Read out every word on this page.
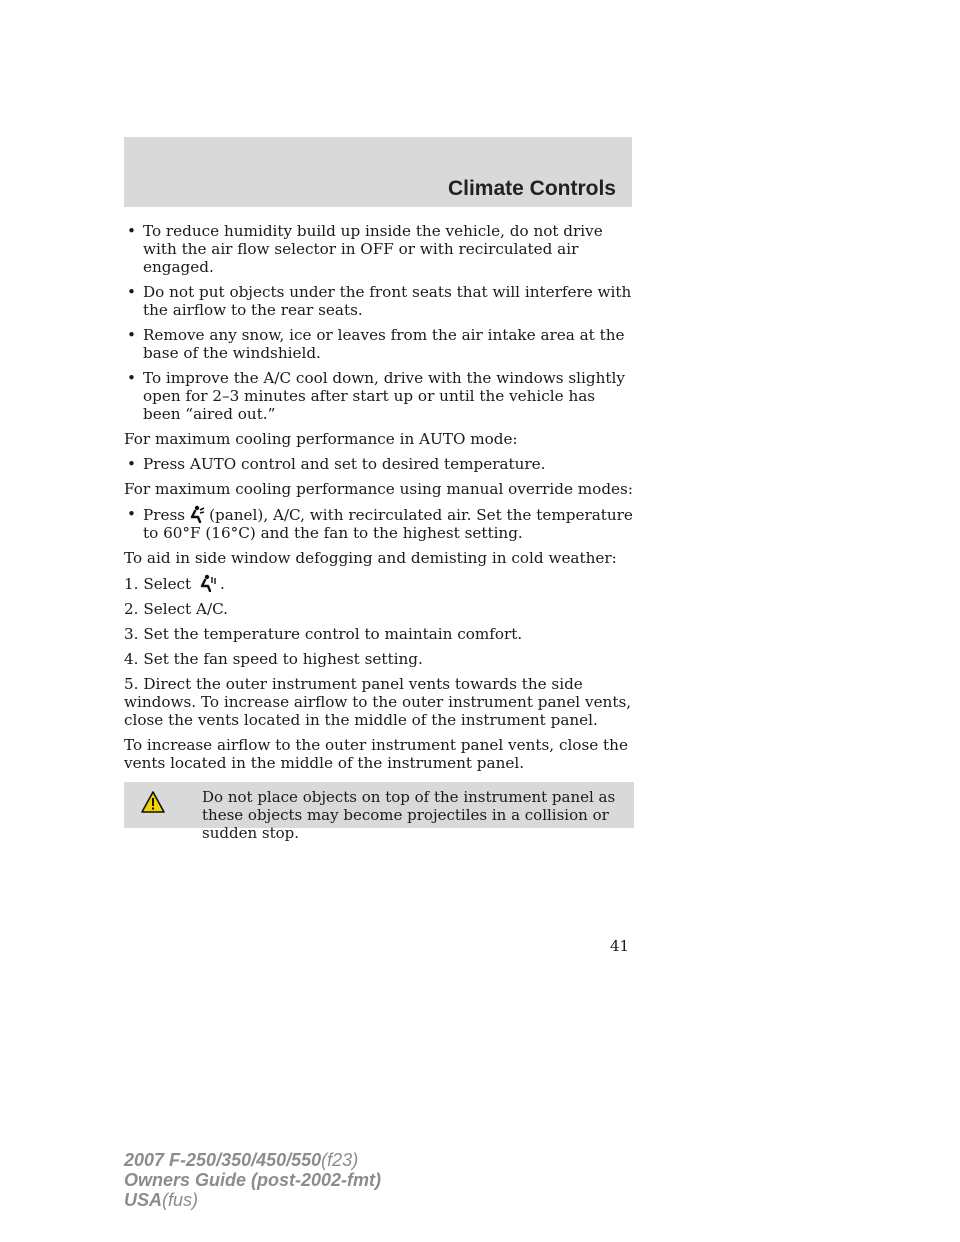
Climate Controls
• To reduce humidity build up inside the vehicle, do not drive with the air flow selector in OFF or with recirculated air engaged.
• Do not put objects under the front seats that will interfere with the airflow to the rear seats.
• Remove any snow, ice or leaves from the air intake area at the base of the windshield.
• To improve the A/C cool down, drive with the windows slightly open for 2–3 minutes after start up or until the vehicle has been “aired out.”

For maximum cooling performance in AUTO mode:

• Press AUTO control and set to desired temperature.

For maximum cooling performance using manual override modes:

• Press (panel), A/C, with recirculated air. Set the temperature to 60°F (16°C) and the fan to the highest setting.

To aid in side window defogging and demisting in cold weather:

1. Select .

2. Select A/C.

3. Set the temperature control to maintain comfort.

4. Set the fan speed to highest setting.

5. Direct the outer instrument panel vents towards the side windows. To increase airflow to the outer instrument panel vents, close the vents located in the middle of the instrument panel.

To increase airflow to the outer instrument panel vents, close the vents located in the middle of the instrument panel.

Do not place objects on top of the instrument panel as these objects may become projectiles in a collision or sudden stop.
41
2007 F-250/350/450/550(f23)
Owners Guide (post-2002-fmt)
USA(fus)
